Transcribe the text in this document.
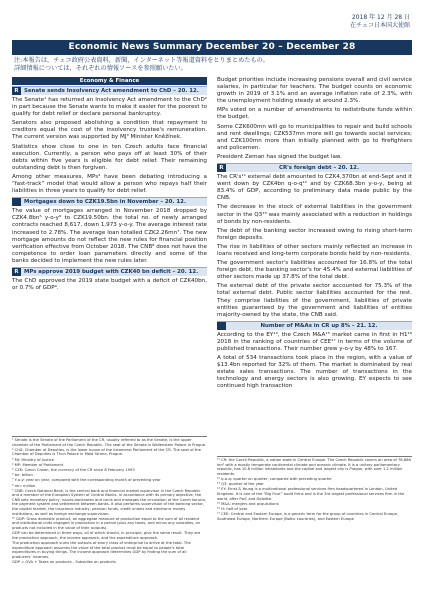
2018 年 12 月 28 日
在チェコ日本国大使館
Economic News Summary December 20 – December 28
注:本報告は，チェコ政府公表資料，新聞，インターネット等報道資料をとりまとめたもの。
詳細情報については，それぞれの情報ソースを参照願いたい。
Economy & Finance
R	Senate sends Insolvency Act amendment to ChD – 20. 12.

The Senate¹ has returned an Insolvency Act amendment to the ChD² in part because the Senate wants to make it easier for the poorest to qualify for debt relief or declare personal bankruptcy.

Senators also proposed abolishing a condition that repayment to creditors equal the cost of the insolvency trustee's remuneration. The current version was supported by MJ³ Minister Kněžínek.

Statistics show close to one in ten Czech adults face financial execution. Currently, a person who pays off at least 30% of their debts within five years is eligible for debt relief. Their remaining outstanding debt is then forgiven.

Among other measures, MPs⁴ have been debating introducing a “fast-track” model that would allow a person who repays half their liabilities in three years to qualify for debt relief.

Mortgages down to CZK19.5bn in November – 20. 12.

The value of mortgages arranged in November 2018 dropped by CZK4.8bn⁵ y-o-y⁶ to CZK19.50bn. the total no. of newly arranged contracts reached 8,617, down 1,973 y-o-y. The average interest rate increased to 2.78%. The average loan totalled CZK2.26mn⁷. The new mortgage amounts do not reflect the new rules for financial position verification effective from October 2018. The CNB⁸ does not have the competence to order loan parameters directly and some of the banks decided to implement the new rules later.

R	MPs approve 2019 budget with CZK40 bn deficit – 20. 12.

The ChD approved the 2019 state budget with a deficit of CZK40bn, or 0.7% of GDP⁹.

¹ Senate is the Senate of the Parliament of the CR, usually referred to as the Senate, is the upper chamber of the Parliament of the Czech Republic. The seat of the Senate is Wallenstein Palace in Prague.
² ChD: Chamber of Deputies, is the lower house of the bicameral Parliament of the CR. The seat of the Chamber of Deputies is Thun Palace in Malá Strana, Prague.
³ MJ: Ministry of Justice
⁴ MP: Member of Parliament
⁵ CZK: Czech Crown, the currency of the CR since 8 February 1993
⁶ bn: billion
⁷ Y-o-y: year on year, compared with the corresponding month of preceding year
⁸ mn: million
⁹ CNB: Czech National Bank, is the central bank and financial market supervisor in the Czech Republic and a member of the European System of Central Banks. In accordance with its primary objective, the CNB sets monetary policy, issues banknotes and coins and manages the circulation of the Czech koruna, the payment system and settlement between banks. It also performs supervision of the banking sector, the capital market, the insurance industry, pension funds, credit unions and electronic money institutions, as well as foreign exchange supervision.
¹⁰ GDP: Gross domestic product, an aggregate measure of production equal to the sum of all resident and institutional units engaged in production in a period (plus any taxes, and minus any subsidies, on products not included in the value of their outputs).
GDP can be determined in three ways, all of which should, in principle, give the same result. They are the production approach, the income approach, and the expenditure approach.
The production approach sums the outputs of every class of enterprise to arrive at the total. The expenditure approach assumes the value of the total product must be equal to people's total expenditures in buying things. The income approach determines GDP by finding the sum of all producers' incomes.
GDP = GVA + Taxes on products - Subsidies on products

Budget priorities include increasing pensions overall and civil service salaries, in particular for teachers. The budget counts on economic growth in 2019 of 3.1% and an average inflation rate of 2.3%, with the unemployment holding steady at around 2.3%.

MPs voted on a number of amendments to redistribute funds within the budget.

Some CZK600mn will go to municipalities to repair and build schools and rent dwellings; CZK537mn more will go towards social services; and CZK100mn more than initially planned with go to firefighters and policemen.

President Zeman has signed the budget law.

R	CR's foreign debt – 20. 12.

The CR's¹¹ external debt amounted to CZK4,370bn at end-Sept and it went down by CZK4bn q-o-q¹² and by CZK68.3bn y-o-y, being at 83.4% of GDP, according to preliminary data made public by the CNB.

The decrease in the stock of external liabilities in the government sector in the Q3¹³ was mainly associated with a reduction in holdings of bonds by non-residents.

The debt of the banking sector increased owing to rising short-term foreign deposits.

The rise in liabilities of other sectors mainly reflected an increase in loans received and long-term corporate bonds held by non-residents.

The government sector's liabilities accounted for 16.8% of the total foreign debt, the banking sector's for 45.4% and external liabilities of other sectors made up 37.8% of the total debt.

The external debt of the private sector accounted for 75.3% of the total external debt. Public sector liabilities accounted for the rest. They comprise liabilities of the government, liabilities of private entities guaranteed by the government and liabilities of entities majority-owned by the state, the CNB said.

Number of M&As in CR up 8% – 21. 12.

According to the EY¹⁴, the Czech M&A¹⁵ market came in first in H1¹⁶ 2018 in the ranking of countries of CEE¹⁷ in terms of the volume of published transactions. Their number grew y-o-y by 48% to 167.

A total of 534 transactions took place in the region, with a value of $13.4bn reported for 32% of them. The market is dominated by real estate sales transactions. The number of transactions in the technology and energy sectors is also growing. EY expects to see continued high transaction

¹¹ CR: the Czech Republic, a nation state in Central Europe. The Czech Republic covers an area of 78,866 km² with a mostly temperate continental climate and oceanic climate. It is a unitary parliamentary republic, has 10.6 million inhabitants and the capital and largest city is Prague, with over 1.2 million residents.
¹² q-o-q: quarter on quarter, compared with preceding quarter
¹³ Q3: quarter of the year
¹⁴ EY: Ernst & Young is a multinational professional services firm headquartered in London, United Kingdom. It is one of the “Big Four” audit firms and is the 3rd largest professional services firm in the world, after PwC and Deloitte.
¹⁵ M&A: mergers and acquisitions
¹⁶ H: half of year
¹⁷ CEE: Central and Eastern Europe, is a generic term for the group of countries in Central Europe, Southeast Europe, Northern Europe (Baltic countries), and Eastern Europe
